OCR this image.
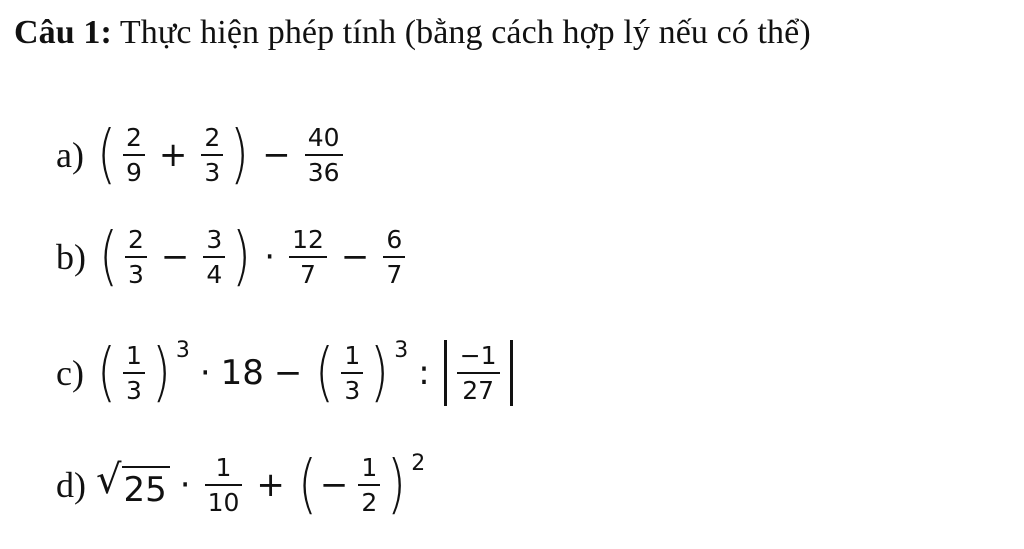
Câu 1: Thực hiện phép tính (bằng cách hợp lý nếu có thể)
a) ( $\frac{2}{9} + \frac{2}{3}$ ) − $\frac{40}{36}$
b) ( $\frac{2}{3} - \frac{3}{4}$ ) · $\frac{12}{7} - \frac{6}{7}$
c) ( $\frac{1}{3}$ ) 3
· 18 − ( $\frac{1}{3}$ ) 3
: $\frac{-1}{27}$
d) √ $25 \cdot \frac{1}{10}$ + ( − $\frac{1}{2}$ ) 2
